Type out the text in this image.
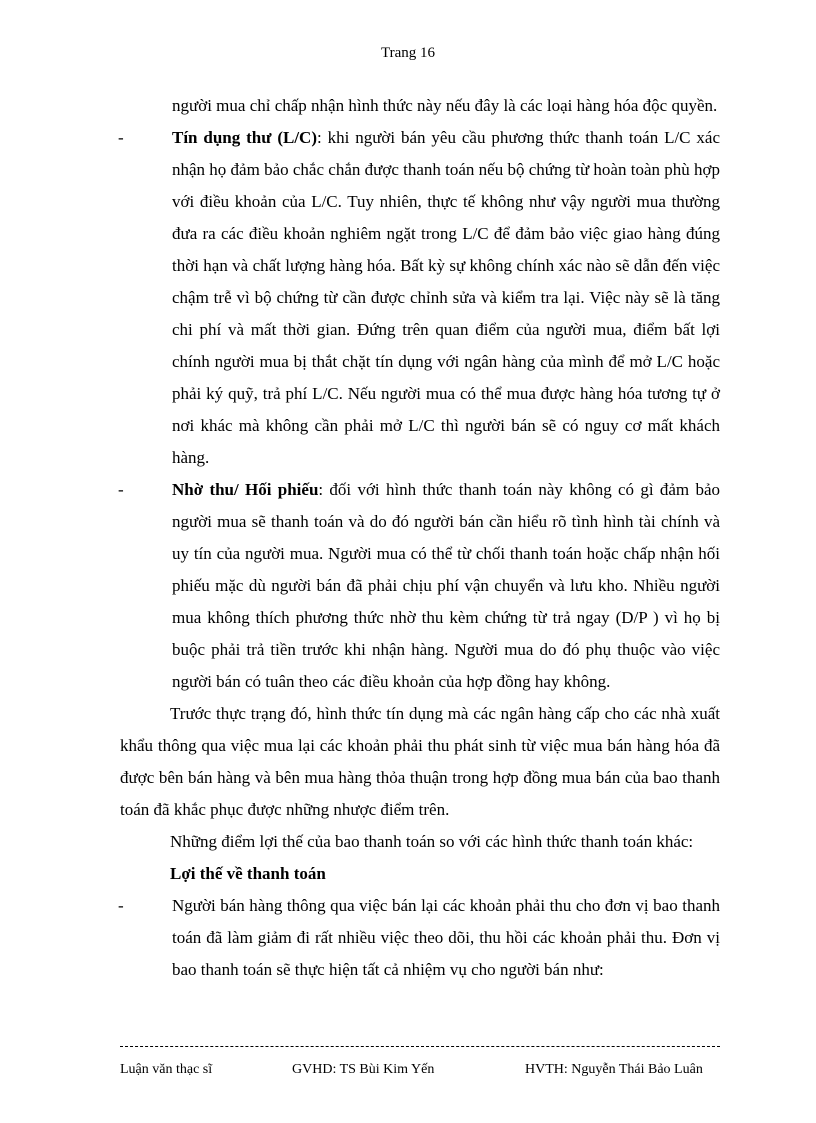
Trang 16

người mua chỉ chấp nhận hình thức này nếu đây là các loại hàng hóa độc quyền.

-	Tín dụng thư (L/C): khi người bán yêu cầu phương thức thanh toán L/C xác nhận họ đảm bảo chắc chắn được thanh toán nếu bộ chứng từ hoàn toàn phù hợp với điều khoản của L/C. Tuy nhiên, thực tế không như vậy người mua thường đưa ra các điều khoản nghiêm ngặt trong L/C để đảm bảo việc giao hàng đúng thời hạn và chất lượng hàng hóa. Bất kỳ sự không chính xác nào sẽ dẫn đến việc chậm trễ vì bộ chứng từ cần được chỉnh sửa và kiểm tra lại. Việc này sẽ là tăng chi phí và mất thời gian. Đứng trên quan điểm của người mua, điểm bất lợi chính người mua bị thắt chặt tín dụng với ngân hàng của mình để mở L/C hoặc phải ký quỹ, trả phí L/C. Nếu người mua có thể mua được hàng hóa tương tự ở nơi khác mà không cần phải mở L/C thì người bán sẽ có nguy cơ mất khách hàng.

-	Nhờ thu/ Hối phiếu: đối với hình thức thanh toán này không có gì đảm bảo người mua sẽ thanh toán và do đó người bán cần hiểu rõ tình hình tài chính và uy tín của người mua. Người mua có thể từ chối thanh toán hoặc chấp nhận hối phiếu mặc dù người bán đã phải chịu phí vận chuyển và lưu kho. Nhiều người mua không thích phương thức nhờ thu kèm chứng từ trả ngay (D/P ) vì họ bị buộc phải trả tiền trước khi nhận hàng. Người mua do đó phụ thuộc vào việc người bán có tuân theo các điều khoản của hợp đồng hay không.

Trước thực trạng đó, hình thức tín dụng mà các ngân hàng cấp cho các nhà xuất khẩu thông qua việc mua lại các khoản phải thu phát sinh từ việc mua bán hàng hóa đã được bên bán hàng và bên mua hàng thỏa thuận trong hợp đồng mua bán của bao thanh toán đã khắc phục được những nhược điểm trên.

Những điểm lợi thế của bao thanh toán so với các hình thức thanh toán khác:

Lợi thế về thanh toán

-	Người bán hàng thông qua việc bán lại các khoản phải thu cho đơn vị bao thanh toán đã làm giảm đi rất nhiều việc theo dõi, thu hồi các khoản phải thu. Đơn vị bao thanh toán sẽ thực hiện tất cả nhiệm vụ cho người bán như:

Luận văn thạc sĩ	GVHD: TS Bùi Kim Yến	HVTH: Nguyễn Thái Bảo Luân
